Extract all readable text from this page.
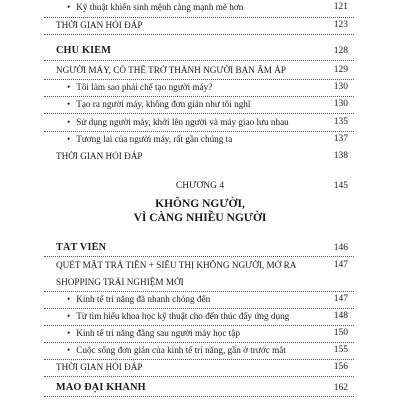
• Kỹ thuật khiến sinh mệnh càng mạnh mẽ hơn	121
THỜI GIAN HỎI ĐÁP	123
CHU KIẾM	128
NGƯỜI MÁY, CÓ THỂ TRỞ THÀNH NGƯỜI BẠN ẤM ÁP	129
• Tôi làm sao phải chế tạo người máy?	130
• Tạo ra người máy, không đơn giản như tôi nghĩ	130
• Sử dụng người máy, khởi lên người và máy giao lưu nhau	135
• Tương lai của người máy, rất gần chúng ta	137
THỜI GIAN HỎI ĐÁP	138
CHƯƠNG 4	145
KHÔNG NGƯỜI,
VÌ CÀNG NHIỀU NGƯỜI
TẤT VIỄN	146
QUÉT MẶT TRẢ TIỀN + SIÊU THỊ KHÔNG NGƯỜI, MỞ RA	147
SHOPPING TRẢI NGHIỆM MỚI
• Kinh tế trí năng đã nhanh chóng đến	147
• Từ tìm hiểu khoa học kỹ thuật cho đến thúc đẩy ứng dụng	148
• Kinh tế trí năng đẳng sau người máy học tập	150
• Cuộc sống đơn giản của kinh tế trí năng, gần ở trước mắt	155
THỜI GIAN HỎI ĐÁP	156
MAO ĐẠI KHÁNH	162
